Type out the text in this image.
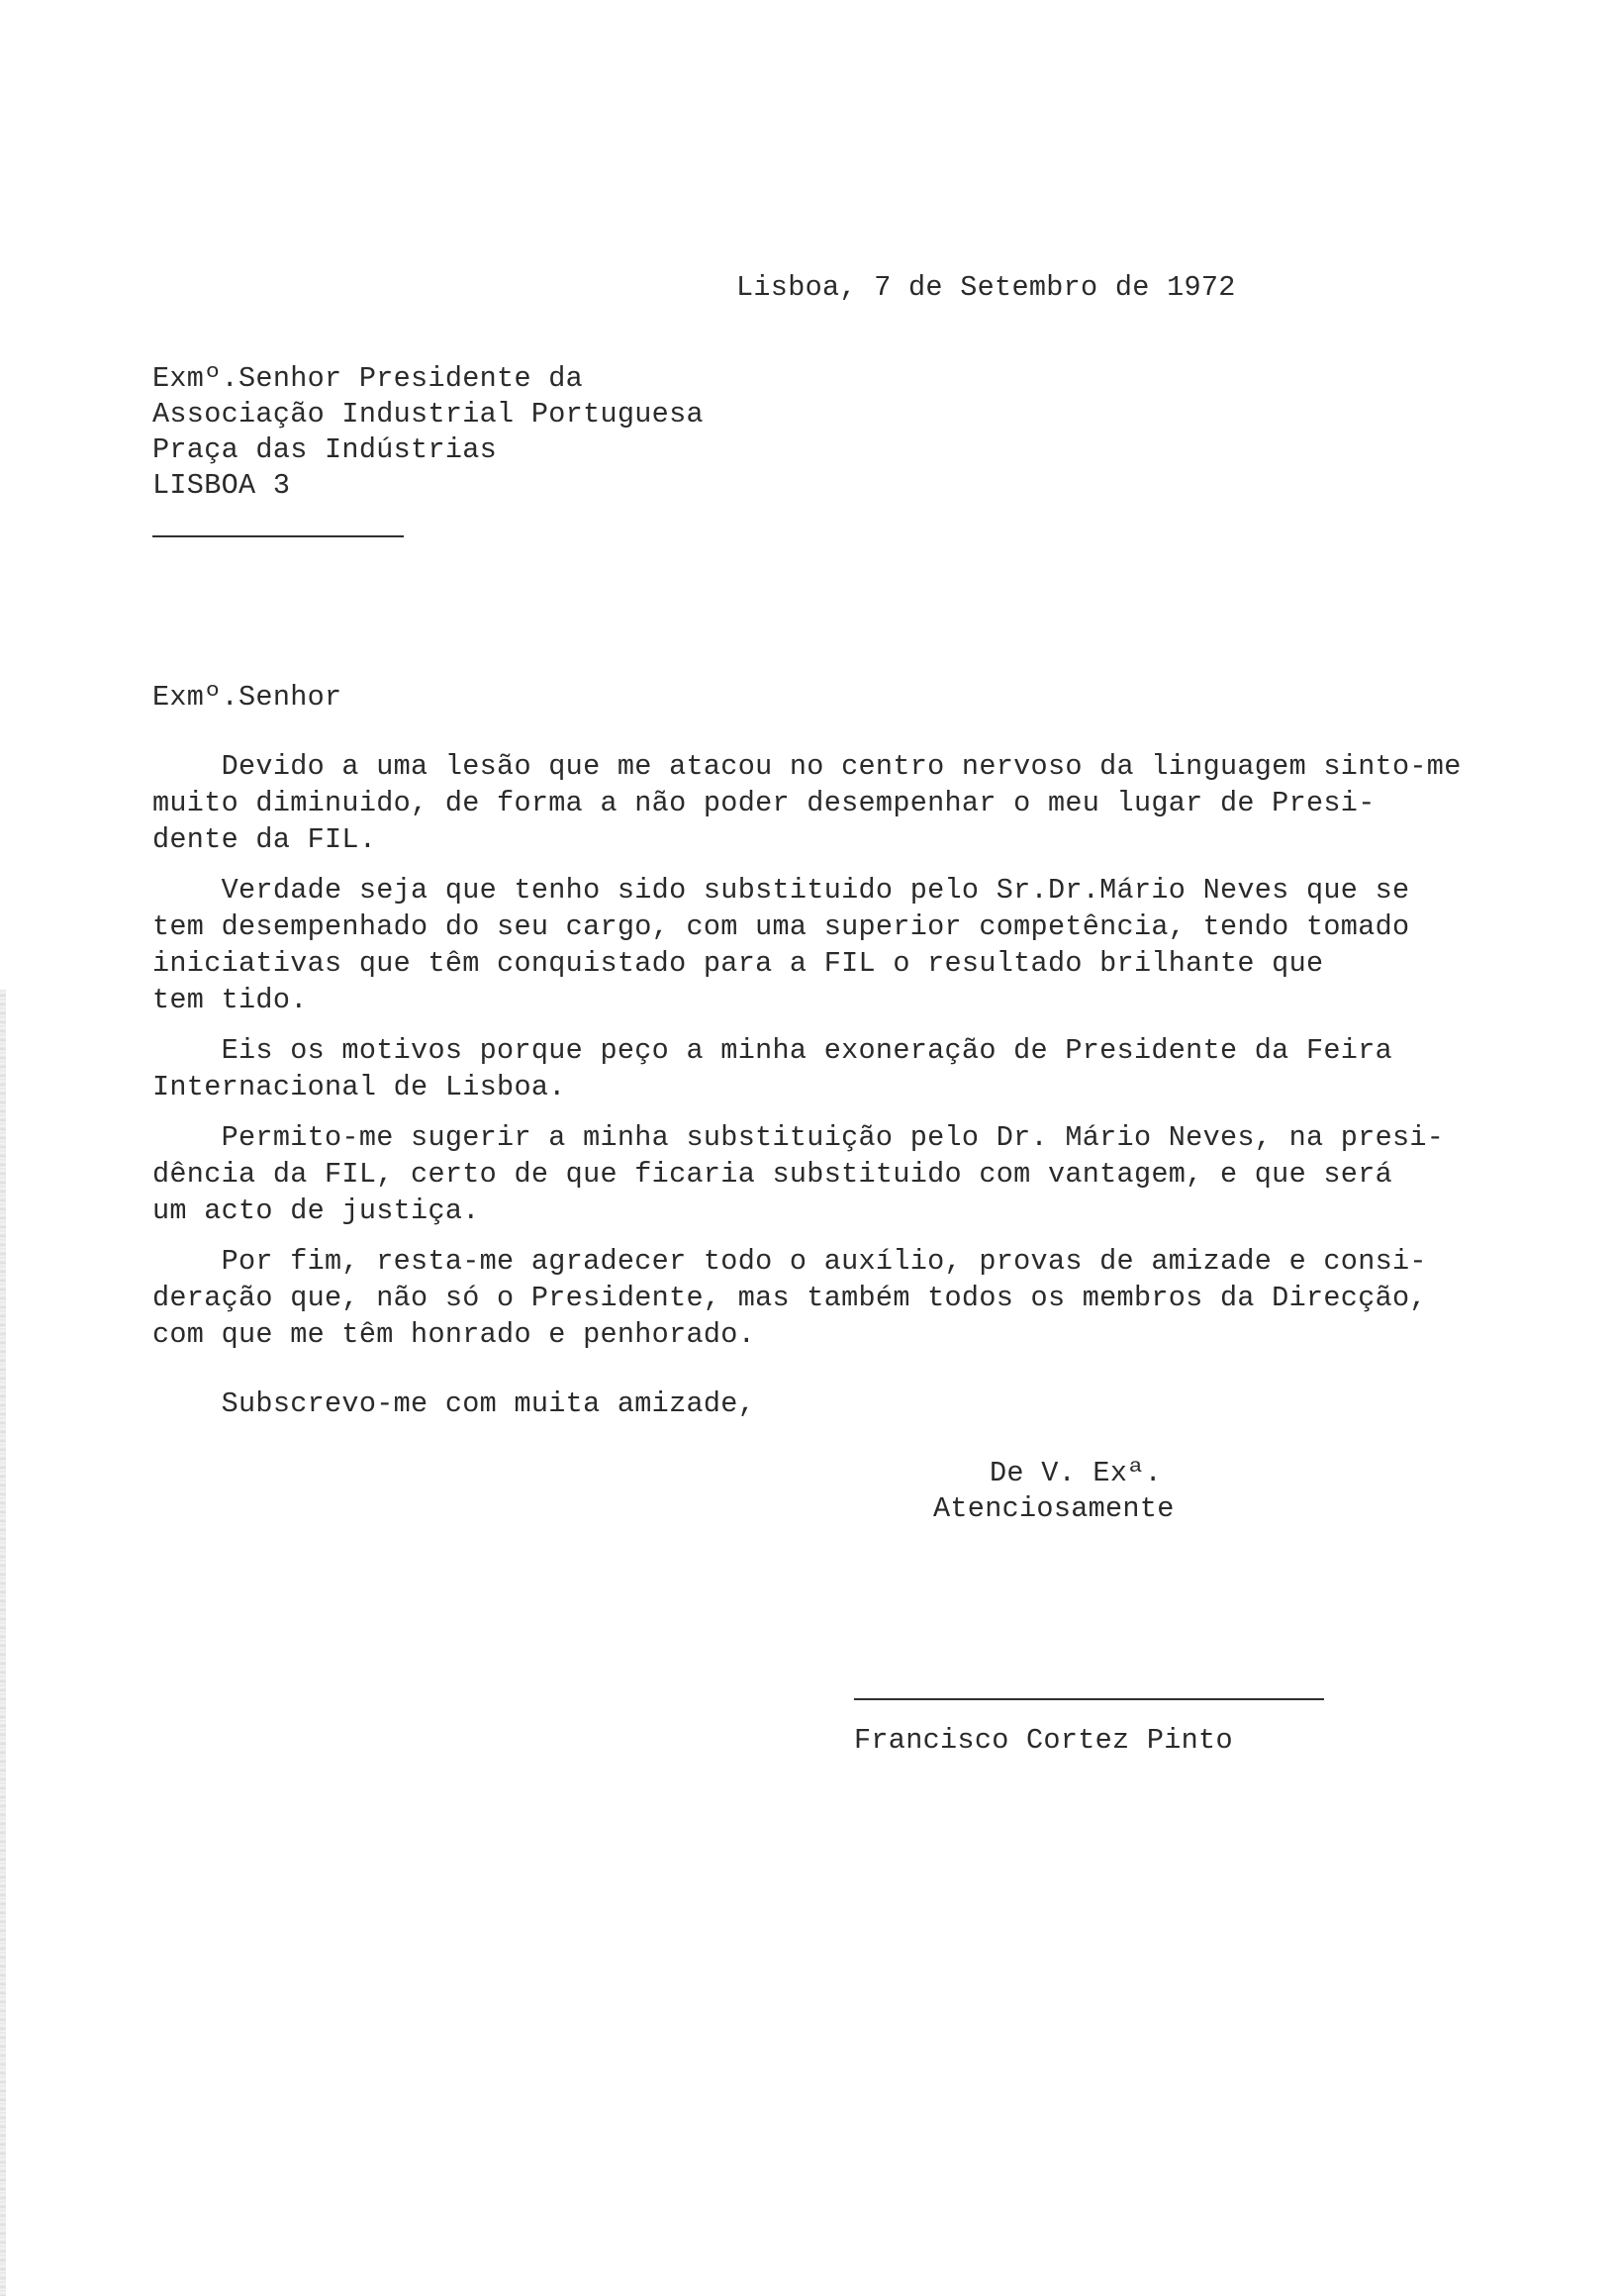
Lisboa, 7 de Setembro de 1972
Exmº.Senhor Presidente da
Associação Industrial Portuguesa
Praça das Indústrias
LISBOA 3
Exmº.Senhor
Devido a uma lesão que me atacou no centro nervoso da linguagem sinto-me
muito diminuido, de forma a não poder desempenhar o meu lugar de Presi-
dente da FIL.
Verdade seja que tenho sido substituido pelo Sr.Dr.Mário Neves que se
tem desempenhado do seu cargo, com uma superior competência, tendo tomado
iniciativas que têm conquistado para a FIL o resultado brilhante que
tem tido.
Eis os motivos porque peço a minha exoneração de Presidente da Feira
Internacional de Lisboa.
Permito-me sugerir a minha substituição pelo Dr. Mário Neves, na presi-
dência da FIL, certo de que ficaria substituido com vantagem, e que será
um acto de justiça.
Por fim, resta-me agradecer todo o auxílio, provas de amizade e consi-
deração que, não só o Presidente, mas também todos os membros da Direcção,
com que me têm honrado e penhorado.
Subscrevo-me com muita amizade,
De V. Exª.
Atenciosamente
Francisco Cortez Pinto
